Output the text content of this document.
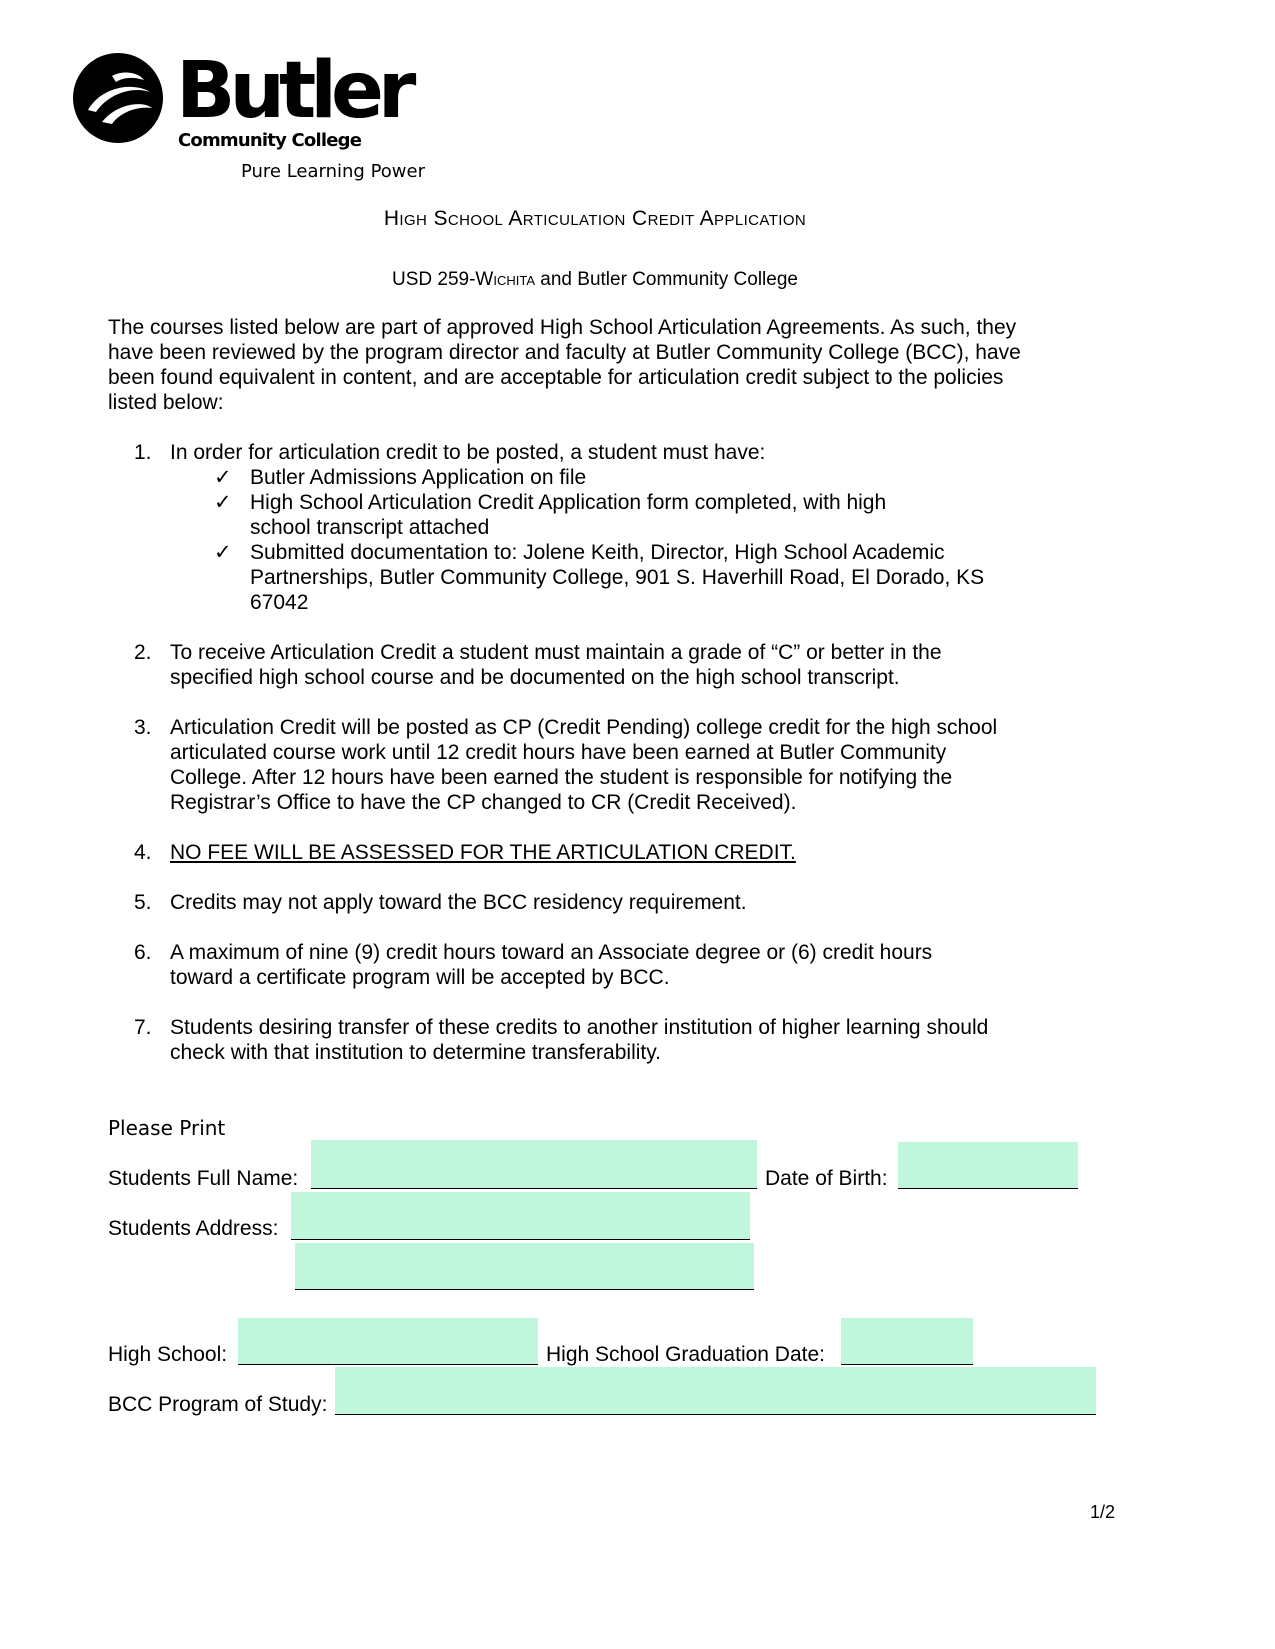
Butler
Community College
Pure Learning Power
High School Articulation Credit Application
USD 259-Wichita and Butler Community College
The courses listed below are part of approved High School Articulation Agreements. As such, they have been reviewed by the program director and faculty at Butler Community College (BCC), have been found equivalent in content, and are acceptable for articulation credit subject to the policies listed below:
1. In order for articulation credit to be posted, a student must have:
✓ Butler Admissions Application on file
✓ High School Articulation Credit Application form completed, with high school transcript attached
✓ Submitted documentation to: Jolene Keith, Director, High School Academic Partnerships, Butler Community College, 901 S. Haverhill Road, El Dorado, KS 67042
2. To receive Articulation Credit a student must maintain a grade of “C” or better in the specified high school course and be documented on the high school transcript.
3. Articulation Credit will be posted as CP (Credit Pending) college credit for the high school articulated course work until 12 credit hours have been earned at Butler Community College. After 12 hours have been earned the student is responsible for notifying the Registrar’s Office to have the CP changed to CR (Credit Received).
4. NO FEE WILL BE ASSESSED FOR THE ARTICULATION CREDIT.
5. Credits may not apply toward the BCC residency requirement.
6. A maximum of nine (9) credit hours toward an Associate degree or (6) credit hours toward a certificate program will be accepted by BCC.
7. Students desiring transfer of these credits to another institution of higher learning should check with that institution to determine transferability.
Please Print
Students Full Name:	Date of Birth:
Students Address:
High School:	High School Graduation Date:
BCC Program of Study:
1/2
